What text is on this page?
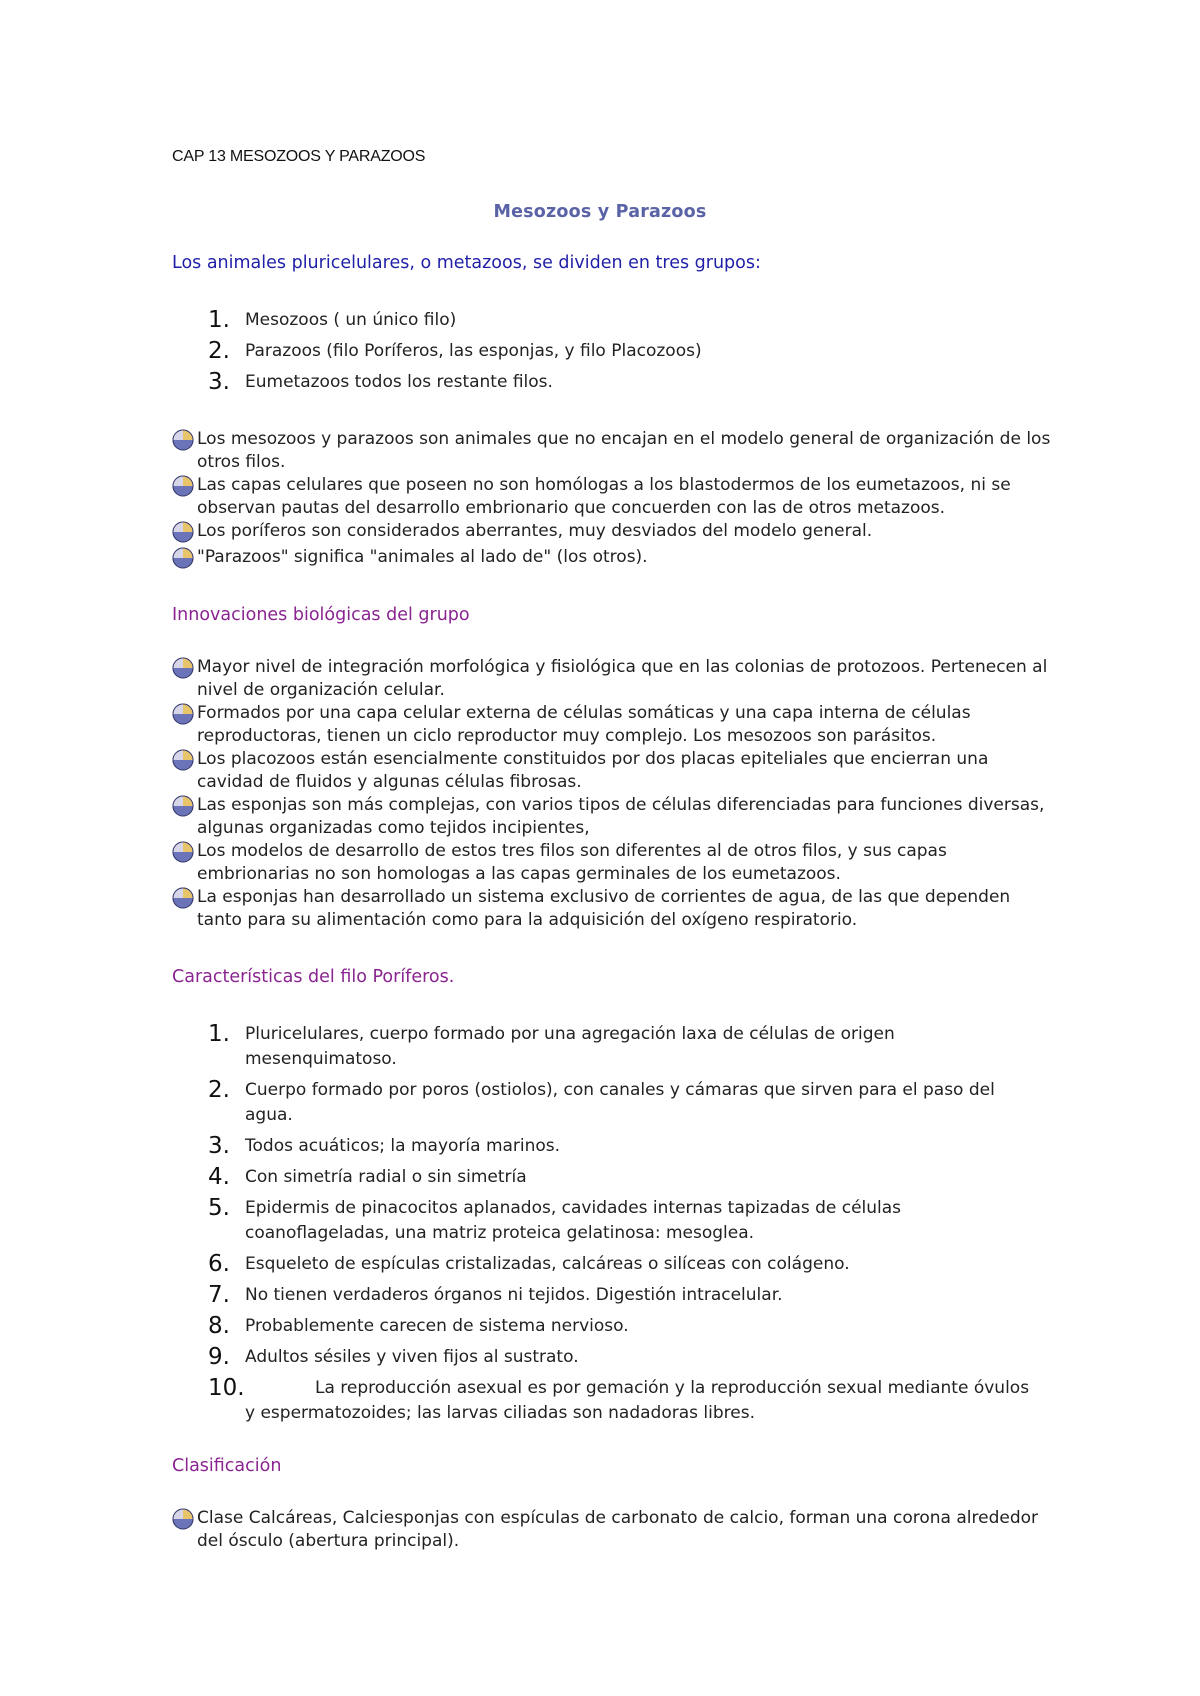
CAP 13 MESOZOOS Y PARAZOOS
Mesozoos y Parazoos
Los animales pluricelulares, o metazoos, se dividen en tres grupos:
1. Mesozoos ( un único filo)
2. Parazoos (filo Poríferos, las esponjas, y filo Placozoos)
3. Eumetazoos todos los restante filos.
Los mesozoos y parazoos son animales que no encajan en el modelo general de organización de los otros filos.
Las capas celulares que poseen no son homólogas a los blastodermos de los eumetazoos, ni se observan pautas del desarrollo embrionario que concuerden con las de otros metazoos.
Los poríferos son considerados aberrantes, muy desviados del modelo general.
"Parazoos" significa "animales al lado de" (los otros).
Innovaciones biológicas del grupo
Mayor nivel de integración morfológica y fisiológica que en las colonias de protozoos. Pertenecen al nivel de organización celular.
Formados por una capa celular externa de células somáticas y una capa interna de células reproductoras, tienen un ciclo reproductor muy complejo. Los mesozoos son parásitos.
Los placozoos están esencialmente constituidos por dos placas epiteliales que encierran una cavidad de fluidos y algunas células fibrosas.
Las esponjas son más complejas, con varios tipos de células diferenciadas para funciones diversas, algunas organizadas como tejidos incipientes,
Los modelos de desarrollo de estos tres filos son diferentes al de otros filos, y sus capas embrionarias no son homologas a las capas germinales de los eumetazoos.
La esponjas han desarrollado un sistema exclusivo de corrientes de agua, de las que dependen tanto para su alimentación como para la adquisición del oxígeno respiratorio.
Características del filo Poríferos.
1. Pluricelulares, cuerpo formado por una agregación laxa de células de origen mesenquimatoso.
2. Cuerpo formado por poros (ostiolos), con canales y cámaras que sirven para el paso del agua.
3. Todos acuáticos; la mayoría marinos.
4. Con simetría radial o sin simetría
5. Epidermis de pinacocitos aplanados, cavidades internas tapizadas de células coanoflageladas, una matriz proteica gelatinosa: mesoglea.
6. Esqueleto de espículas cristalizadas, calcáreas o silíceas con colágeno.
7. No tienen verdaderos órganos ni tejidos. Digestión intracelular.
8. Probablemente carecen de sistema nervioso.
9. Adultos sésiles y viven fijos al sustrato.
10.	La reproducción asexual es por gemación y la reproducción sexual mediante óvulos y espermatozoides; las larvas ciliadas son nadadoras libres.
Clasificación
Clase Calcáreas, Calciesponjas con espículas de carbonato de calcio, forman una corona alrededor del ósculo (abertura principal).
